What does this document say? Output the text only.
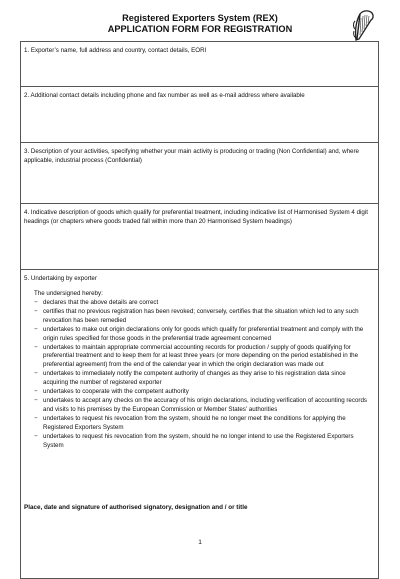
Registered Exporters System (REX)
APPLICATION FORM FOR REGISTRATION
1. Exporter’s name, full address and country, contact details, EORI
2. Additional contact details including phone and fax number as well as e-mail address where available
3. Description of your activities, specifying whether your main activity is producing or trading (Non Confidential) and, where applicable, industrial process (Confidential)
4. Indicative description of goods which qualify for preferential treatment, including indicative list of Harmonised System 4 digit headings (or chapters where goods traded fall within more than 20 Harmonised System headings)
5. Undertaking by exporter
The undersigned hereby:
− declares that the above details are correct
− certifies that no previous registration has been revoked; conversely, certifies that the situation which led to any such revocation has been remedied
− undertakes to make out origin declarations only for goods which qualify for preferential treatment and comply with the origin rules specified for those goods in the preferential trade agreement concerned
− undertakes to maintain appropriate commercial accounting records for production / supply of goods qualifying for preferential treatment and to keep them for at least three years (or more depending on the period established in the preferential agreement) from the end of the calendar year in which the origin declaration was made out
− undertakes to immediately notify the competent authority of changes as they arise to his registration data since acquiring the number of registered exporter
− undertakes to cooperate with the competent authority
− undertakes to accept any checks on the accuracy of his origin declarations, including verification of accounting records and visits to his premises by the European Commission or Member States’ authorities
− undertakes to request his revocation from the system, should he no longer meet the conditions for applying the Registered Exporters System
− undertakes to request his revocation from the system, should he no longer intend to use the Registered Exporters System
Place, date and signature of authorised signatory, designation and / or title
1
